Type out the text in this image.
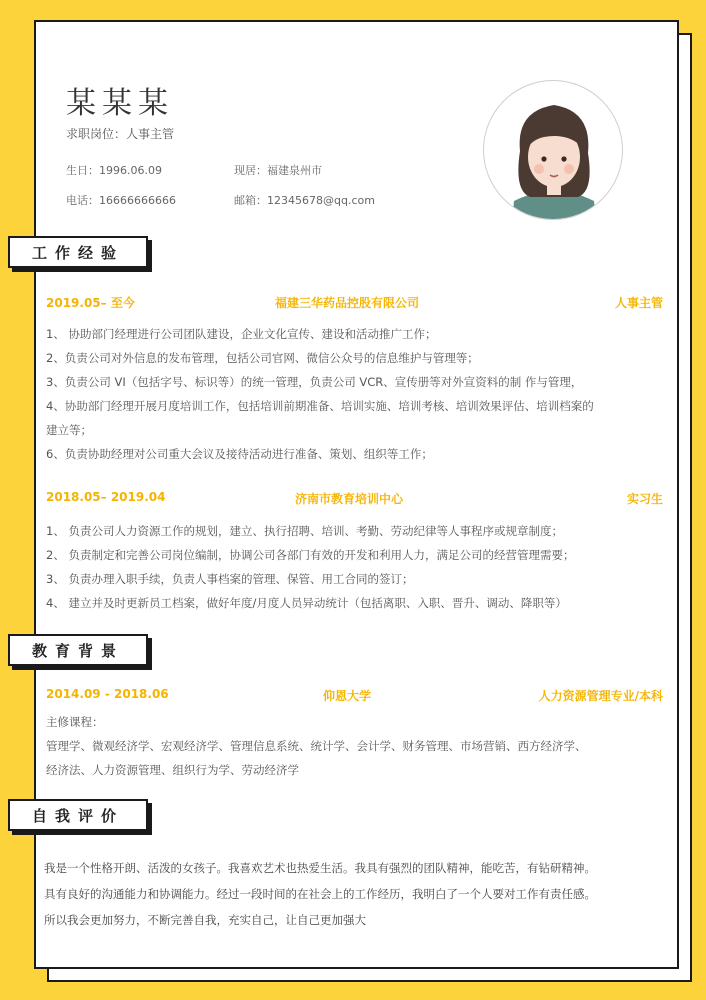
某某某
求职岗位：人事主管
生日：1996.06.09	现居：福建泉州市
电话：16666666666	邮箱：12345678@qq.com
工作经验
2019.05– 至今	福建三华药品控股有限公司	人事主管
1、 协助部门经理进行公司团队建设，企业文化宣传、建设和活动推广工作；
2、负责公司对外信息的发布管理，包括公司官网、微信公众号的信息维护与管理等；
3、负责公司 VI（包括字号、标识等）的统一管理，负责公司 VCR、宣传册等对外宣资料的制 作与管理，
4、协助部门经理开展月度培训工作，包括培训前期准备、培训实施、培训考核、培训效果评估、培训档案的
建立等；
6、负责协助经理对公司重大会议及接待活动进行准备、策划、组织等工作；
2018.05– 2019.04	济南市教育培训中心	实习生
1、 负责公司人力资源工作的规划，建立、执行招聘、培训、考勤、劳动纪律等人事程序或规章制度；
2、 负责制定和完善公司岗位编制，协调公司各部门有效的开发和利用人力，满足公司的经营管理需要；
3、 负责办理入职手续，负责人事档案的管理、保管、用工合同的签订；
4、 建立并及时更新员工档案，做好年度/月度人员异动统计（包括离职、入职、晋升、调动、降职等）
教育背景
2014.09 - 2018.06	仰恩大学	人力资源管理专业/本科
主修课程：
管理学、微观经济学、宏观经济学、管理信息系统、统计学、会计学、财务管理、市场营销、西方经济学、
经济法、人力资源管理、组织行为学、劳动经济学
自我评价
我是一个性格开朗、活泼的女孩子。我喜欢艺术也热爱生活。我具有强烈的团队精神，能吃苦，有钻研精神。
具有良好的沟通能力和协调能力。经过一段时间的在社会上的工作经历，我明白了一个人要对工作有责任感。
所以我会更加努力，不断完善自我，充实自己，让自己更加强大
